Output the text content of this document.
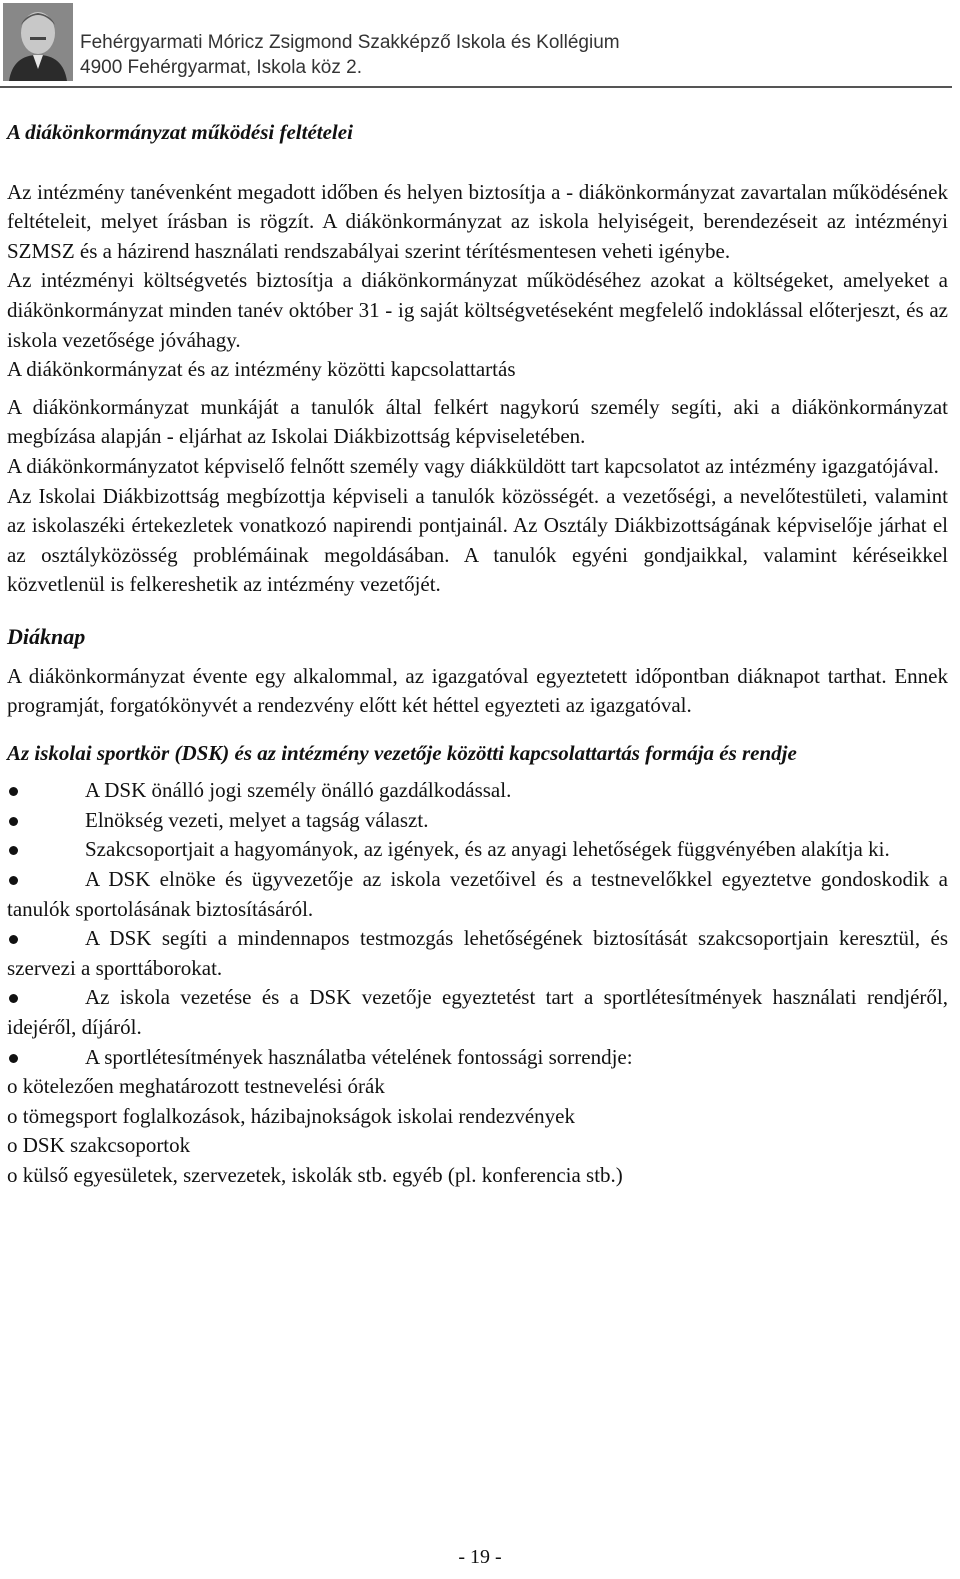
Fehérgyarmati Móricz Zsigmond Szakképző Iskola és Kollégium
4900 Fehérgyarmat, Iskola köz 2.

A diákönkormányzat működési feltételei

Az intézmény tanévenként megadott időben és helyen biztosítja a ‑ diákönkormányzat zavartalan működésének feltételeit, melyet írásban is rögzít. A diákönkormányzat az iskola helyiségeit, berendezéseit az intézményi SZMSZ és a házirend használati rendszabályai szerint térítésmentesen veheti igénybe.

Az intézményi költségvetés biztosítja a diákönkormányzat működéséhez azokat a költségeket, amelyeket a diákönkormányzat minden tanév október 31 ‑ ig saját költségvetéseként megfelelő indoklással előterjeszt, és az iskola vezetősége jóváhagy.

A diákönkormányzat és az intézmény közötti kapcsolattartás

A diákönkormányzat munkáját a tanulók által felkért nagykorú személy segíti, aki a diákönkormányzat megbízása alapján ‑ eljárhat az Iskolai Diákbizottság képviseletében.

A diákönkormányzatot képviselő felnőtt személy vagy diákküldött tart kapcsolatot az intézmény igazgatójával.

Az Iskolai Diákbizottság megbízottja képviseli a tanulók közösségét. a vezetőségi, a nevelőtestületi, valamint az iskolaszéki értekezletek vonatkozó napirendi pontjainál. Az Osztály Diákbizottságának képviselője járhat el az osztályközösség problémáinak megoldásában. A tanulók egyéni gondjaikkal, valamint kéréseikkel közvetlenül is felkereshetik az intézmény vezetőjét.

Diáknap

A diákönkormányzat évente egy alkalommal, az igazgatóval egyeztetett időpontban diáknapot tarthat. Ennek programját, forgatókönyvét a rendezvény előtt két héttel egyezteti az igazgatóval.

Az iskolai sportkör (DSK) és az intézmény vezetője közötti kapcsolattartás formája és rendje

A DSK önálló jogi személy önálló gazdálkodással.

Elnökség vezeti, melyet a tagság választ.

Szakcsoportjait a hagyományok, az igények, és az anyagi lehetőségek függvényében alakítja ki.

A DSK elnöke és ügyvezetője az iskola vezetőivel és a testnevelőkkel egyeztetve gondoskodik a tanulók sportolásának biztosításáról.

A DSK segíti a mindennapos testmozgás lehetőségének biztosítását szakcsoportjain keresztül, és szervezi a sporttáborokat.

Az iskola vezetése és a DSK vezetője egyeztetést tart a sportlétesítmények használati rendjéről, idejéről, díjáról.

A sportlétesítmények használatba vételének fontossági sorrendje:

o kötelezően meghatározott testnevelési órák

o tömegsport foglalkozások, házibajnokságok iskolai rendezvények

o DSK szakcsoportok

o külső egyesületek, szervezetek, iskolák stb. egyéb (pl. konferencia stb.)

- 19 -
